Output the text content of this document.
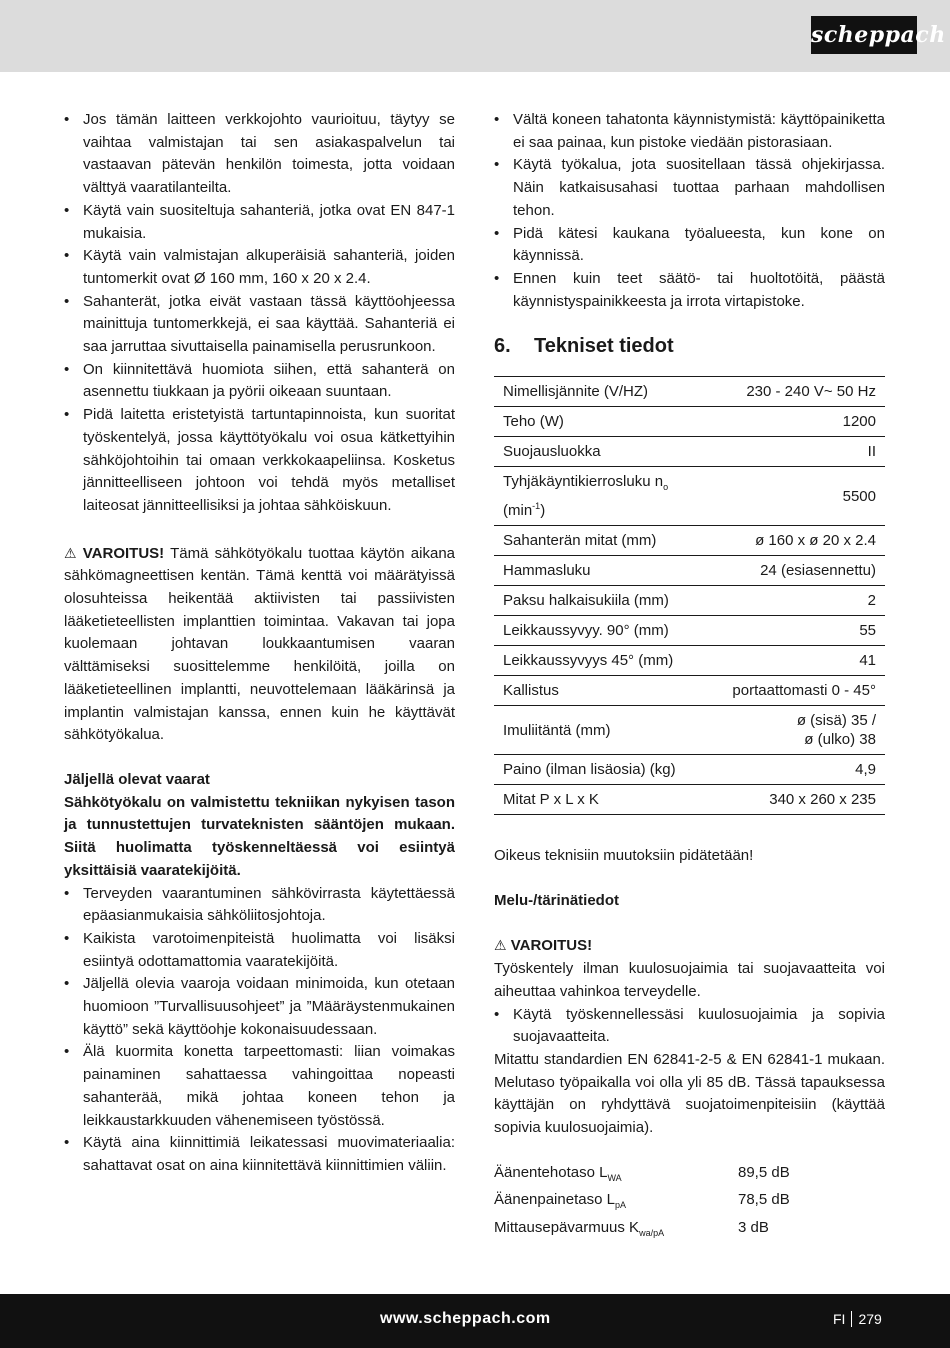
scheppach
• Jos tämän laitteen verkkojohto vaurioituu, täytyy se vaihtaa valmistajan tai sen asiakaspalvelun tai vastaavan pätevän henkilön toimesta, jotta voidaan välttyä vaaratilanteilta.
• Käytä vain suositeltuja sahanteriä, jotka ovat EN 847-1 mukaisia.
• Käytä vain valmistajan alkuperäisiä sahanteriä, joiden tuntomerkit ovat Ø 160 mm, 160 x 20 x 2.4.
• Sahanterät, jotka eivät vastaan tässä käyttöohjeessa mainittuja tuntomerkkejä, ei saa käyttää. Sahanteriä ei saa jarruttaa sivuttaisella painamisella perusrunkoon.
• On kiinnitettävä huomiota siihen, että sahanterä on asennettu tiukkaan ja pyörii oikeaan suuntaan.
• Pidä laitetta eristetyistä tartuntapinnoista, kun suoritat työskentelyä, jossa käyttötyökalu voi osua kätkettyihin sähköjohtoihin tai omaan verkkokaapeliinsa. Kosketus jännitteelliseen johtoon voi tehdä myös metalliset laiteosat jännitteellisiksi ja johtaa sähköiskuun.
⚠ VAROITUS! Tämä sähkötyökalu tuottaa käytön aikana sähkömagneettisen kentän. Tämä kenttä voi määrätyissä olosuhteissa heikentää aktiivisten tai passiivisten lääketieteellisten implanttien toimintaa. Vakavan tai jopa kuolemaan johtavan loukkaantumisen vaaran välttämiseksi suosittelemme henkilöitä, joilla on lääketieteellinen implantti, neuvottelemaan lääkärinsä ja implantin valmistajan kanssa, ennen kuin he käyttävät sähkötyökalua.
Jäljellä olevat vaarat
Sähkötyökalu on valmistettu tekniikan nykyisen tason ja tunnustettujen turvateknisten sääntöjen mukaan. Siitä huolimatta työskenneltäessä voi esiintyä yksittäisiä vaaratekijöitä.
• Terveyden vaarantuminen sähkövirrasta käytettäessä epäasianmukaisia sähköliitosjohtoja.
• Kaikista varotoimenpiteistä huolimatta voi lisäksi esiintyä odottamattomia vaaratekijöitä.
• Jäljellä olevia vaaroja voidaan minimoida, kun otetaan huomioon ”Turvallisuusohjeet” ja ”Määräystenmukainen käyttö” sekä käyttöohje kokonaisuudessaan.
• Älä kuormita konetta tarpeettomasti: liian voimakas painaminen sahattaessa vahingoittaa nopeasti sahanterää, mikä johtaa koneen tehon ja leikkaustarkkuuden vähenemiseen työstössä.
• Käytä aina kiinnittimiä leikatessasi muovimateriaalia: sahattavat osat on aina kiinnitettävä kiinnittimien väliin.
• Vältä koneen tahatonta käynnistymistä: käyttöpainiketta ei saa painaa, kun pistoke viedään pistorasiaan.
• Käytä työkalua, jota suositellaan tässä ohjekirjassa. Näin katkaisusahasi tuottaa parhaan mahdollisen tehon.
• Pidä kätesi kaukana työalueesta, kun kone on käynnissä.
• Ennen kuin teet säätö- tai huoltotöitä, päästä käynnistyspainikkeesta ja irrota virtapistoke.
6.	Tekniset tiedot
Nimellisjännite (V/HZ)	230 - 240 V~ 50 Hz
Teho (W)	1200
Suojausluokka	II
Tyhjäkäyntikierrosluku $n_o$
$(\min^{-1})$	5500
Sahanterän mitat (mm)	ø 160 x ø 20 x 2.4
Hammasluku	24 (esiasennettu)
Paksu halkaisukiila (mm)	2
Leikkaussyvyy. 90° (mm)	55
Leikkaussyvyys 45° (mm)	41
Kallistus	portaattomasti 0 - 45°
Imuliitäntä (mm)	ø (sisä) 35 /
ø (ulko) 38
Paino (ilman lisäosia) (kg)	4,9
Mitat P x L x K	340 x 260 x 235
Oikeus teknisiin muutoksiin pidätetään!
Melu-/tärinätiedot
⚠ VAROITUS!
Työskentely ilman kuulosuojaimia tai suojavaatteita voi aiheuttaa vahinkoa terveydelle.
• Käytä työskennellessäsi kuulosuojaimia ja sopivia suojavaatteita.
Mitattu standardien EN 62841-2-5 & EN 62841-1 mukaan. Melutaso työpaikalla voi olla yli 85 dB. Tässä tapauksessa käyttäjän on ryhdyttävä suojatoimenpiteisiin (käyttää sopivia kuulosuojaimia).
Äänentehotaso $L_{WA}$	89,5 dB
Äänenpainetaso $L_{pA}$	78,5 dB
Mittausepävarmuus $K_{wa/pA}$	3 dB
www.scheppach.com	FI 279
